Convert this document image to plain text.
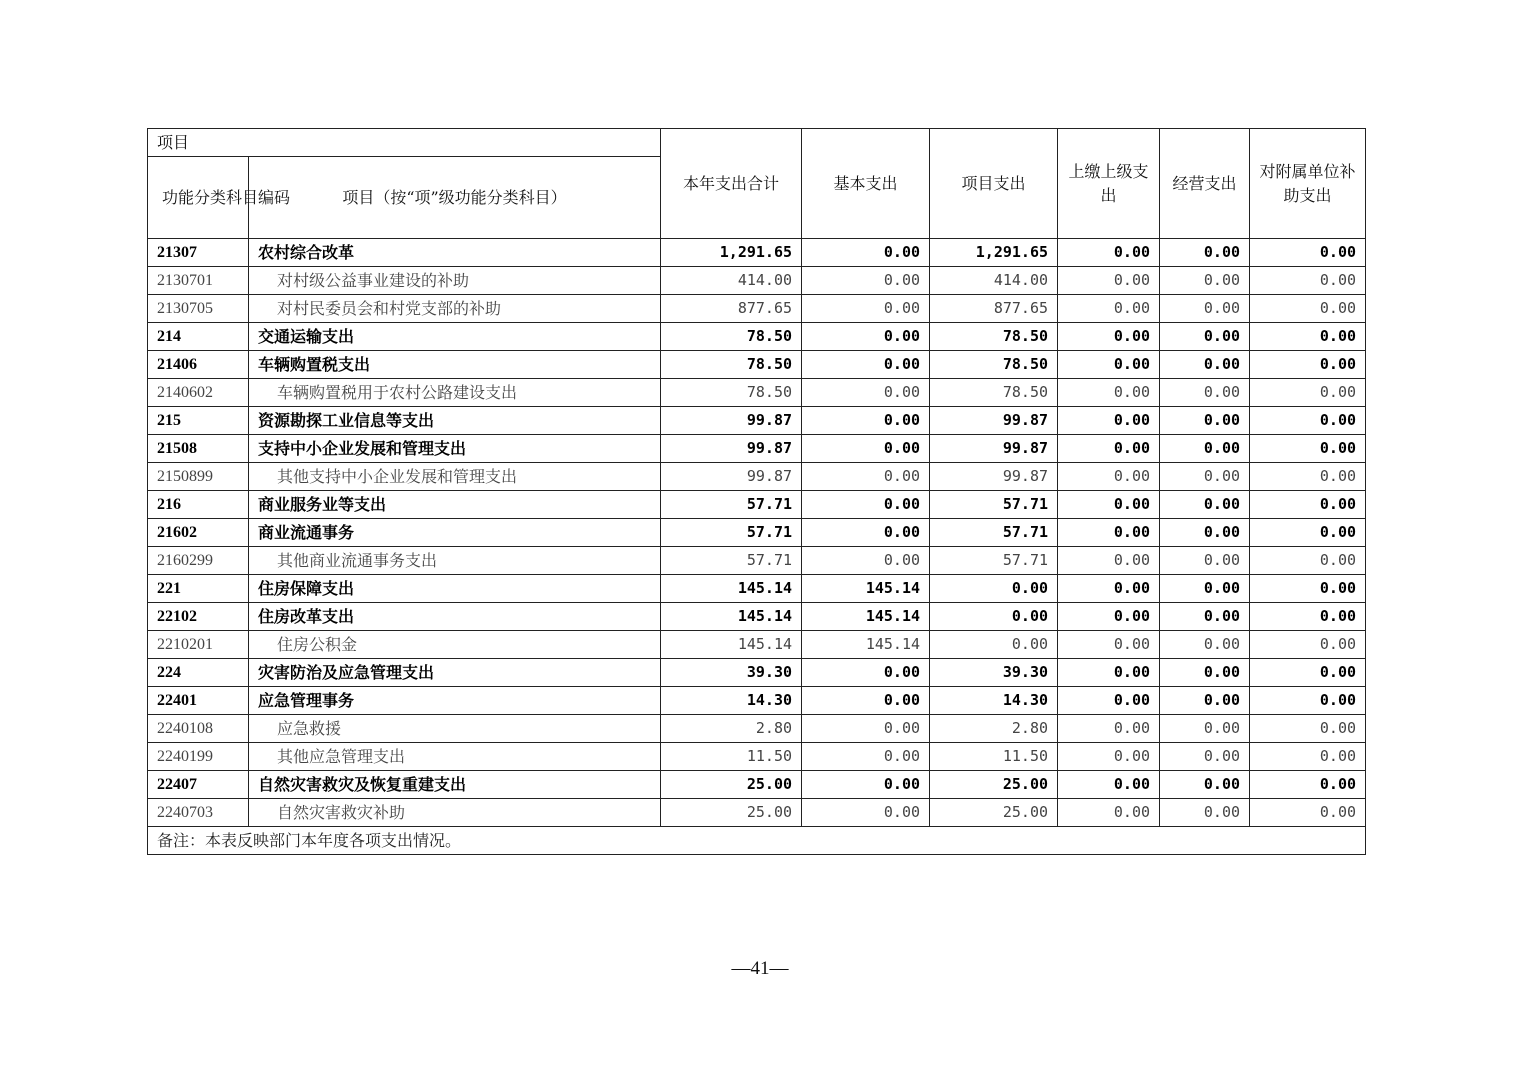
项目		本年支出合计	基本支出	项目支出	上缴上级支出	经营支出	对附属单位补助支出
功能分类科目编码	项目（按“项”级功能分类科目）						
21307	农村综合改革	1,291.65	0.00	1,291.65	0.00	0.00	0.00
2130701	对村级公益事业建设的补助	414.00	0.00	414.00	0.00	0.00	0.00
2130705	对村民委员会和村党支部的补助	877.65	0.00	877.65	0.00	0.00	0.00
214	交通运输支出	78.50	0.00	78.50	0.00	0.00	0.00
21406	车辆购置税支出	78.50	0.00	78.50	0.00	0.00	0.00
2140602	车辆购置税用于农村公路建设支出	78.50	0.00	78.50	0.00	0.00	0.00
215	资源勘探工业信息等支出	99.87	0.00	99.87	0.00	0.00	0.00
21508	支持中小企业发展和管理支出	99.87	0.00	99.87	0.00	0.00	0.00
2150899	其他支持中小企业发展和管理支出	99.87	0.00	99.87	0.00	0.00	0.00
216	商业服务业等支出	57.71	0.00	57.71	0.00	0.00	0.00
21602	商业流通事务	57.71	0.00	57.71	0.00	0.00	0.00
2160299	其他商业流通事务支出	57.71	0.00	57.71	0.00	0.00	0.00
221	住房保障支出	145.14	145.14	0.00	0.00	0.00	0.00
22102	住房改革支出	145.14	145.14	0.00	0.00	0.00	0.00
2210201	住房公积金	145.14	145.14	0.00	0.00	0.00	0.00
224	灾害防治及应急管理支出	39.30	0.00	39.30	0.00	0.00	0.00
22401	应急管理事务	14.30	0.00	14.30	0.00	0.00	0.00
2240108	应急救援	2.80	0.00	2.80	0.00	0.00	0.00
2240199	其他应急管理支出	11.50	0.00	11.50	0.00	0.00	0.00
22407	自然灾害救灾及恢复重建支出	25.00	0.00	25.00	0.00	0.00	0.00
2240703	自然灾害救灾补助	25.00	0.00	25.00	0.00	0.00	0.00
备注：本表反映部门本年度各项支出情况。							
—41—
